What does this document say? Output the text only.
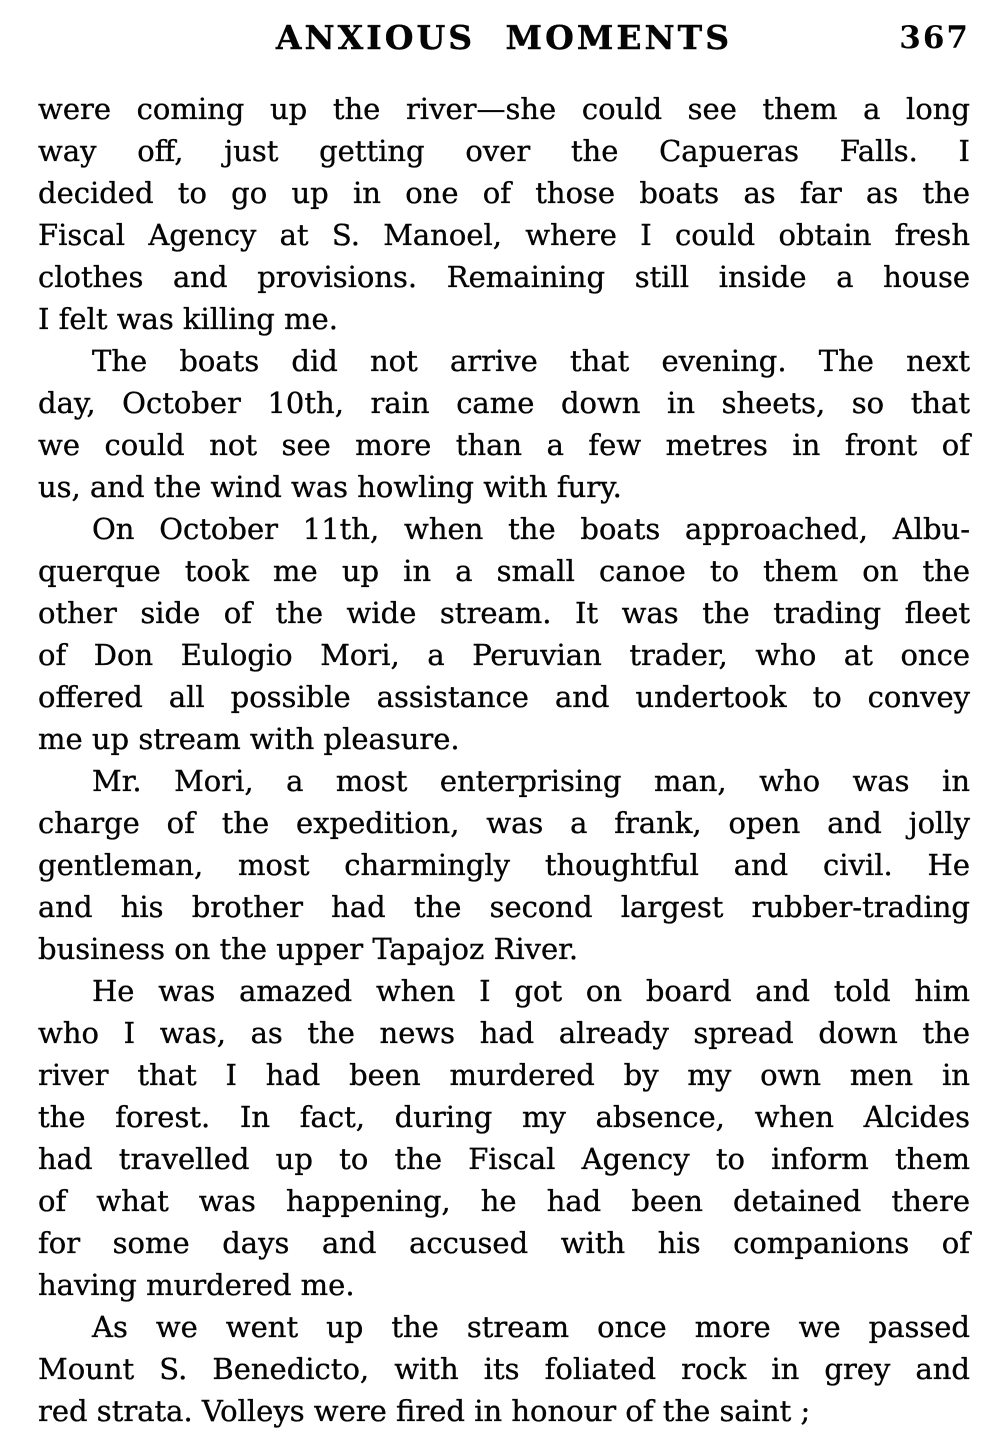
ANXIOUS MOMENTS	367
were coming up the river—she could see them a long
way off, just getting over the Capueras Falls. I
decided to go up in one of those boats as far as the
Fiscal Agency at S. Manoel, where I could obtain fresh
clothes and provisions. Remaining still inside a house
I felt was killing me.
The boats did not arrive that evening. The next
day, October 10th, rain came down in sheets, so that
we could not see more than a few metres in front of
us, and the wind was howling with fury.
On October 11th, when the boats approached, Albu-
querque took me up in a small canoe to them on the
other side of the wide stream. It was the trading fleet
of Don Eulogio Mori, a Peruvian trader, who at once
offered all possible assistance and undertook to convey
me up stream with pleasure.
Mr. Mori, a most enterprising man, who was in
charge of the expedition, was a frank, open and jolly
gentleman, most charmingly thoughtful and civil. He
and his brother had the second largest rubber-trading
business on the upper Tapajoz River.
He was amazed when I got on board and told him
who I was, as the news had already spread down the
river that I had been murdered by my own men in
the forest. In fact, during my absence, when Alcides
had travelled up to the Fiscal Agency to inform them
of what was happening, he had been detained there
for some days and accused with his companions of
having murdered me.
As we went up the stream once more we passed
Mount S. Benedicto, with its foliated rock in grey and
red strata. Volleys were fired in honour of the saint ;
